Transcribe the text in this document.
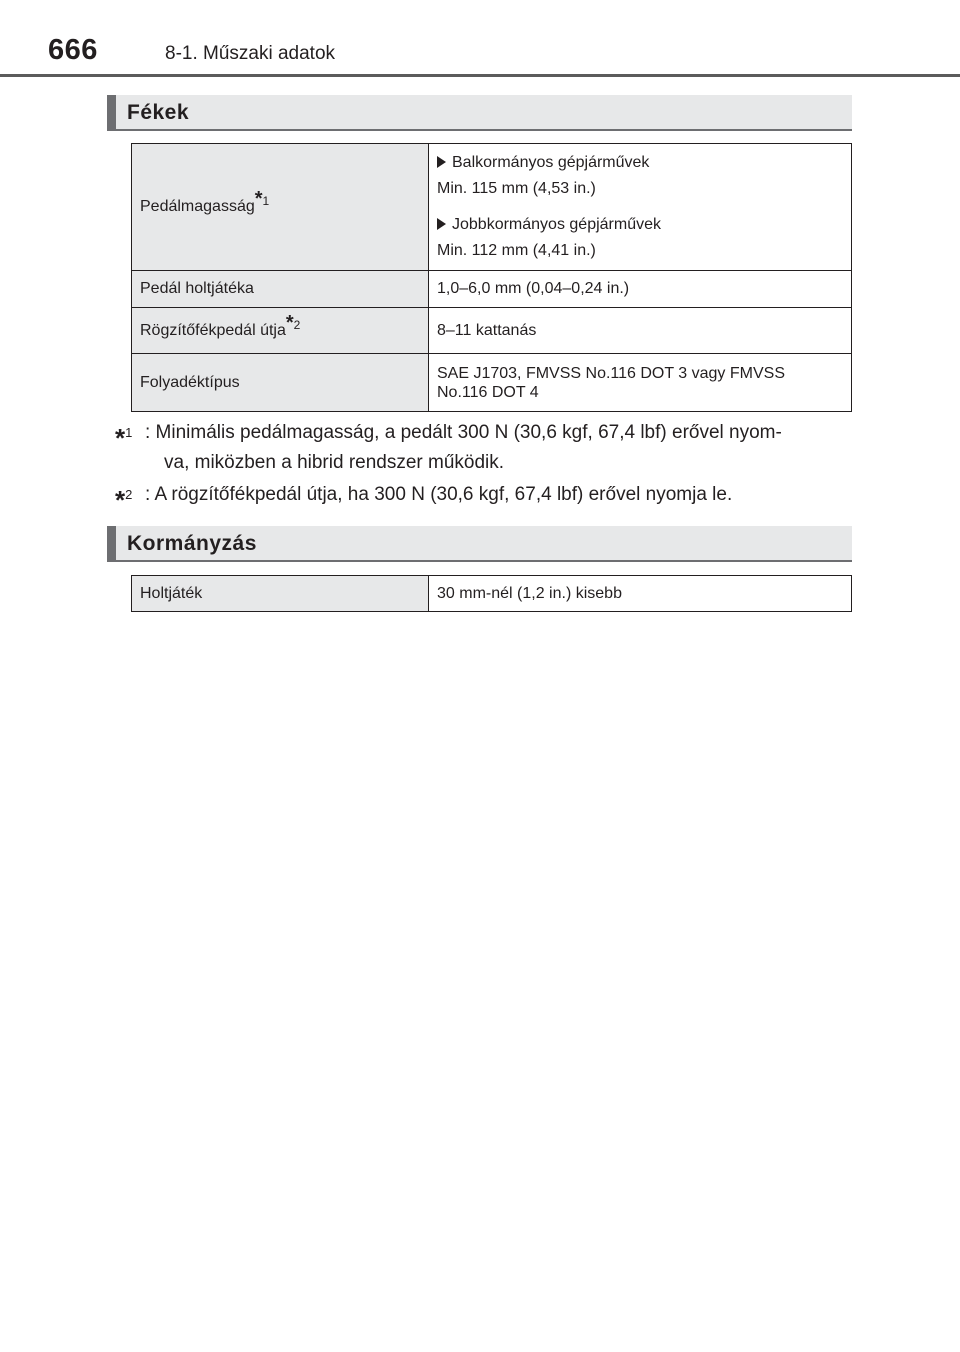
666	8-1. Műszaki adatok
Fékek
Pedálmagasság*$^1$	Balkormányos gépjárművek
Min. 115 mm (4,53 in.)
Jobbkormányos gépjárművek
Min. 112 mm (4,41 in.)

Pedál holtjátéka	1,0–6,0 mm (0,04–0,24 in.)
Rögzítőfékpedál útja*$^2$	8–11 kattanás
Folyadéktípus	SAE J1703, FMVSS No.116 DOT 3 vagy FMVSS
No.116 DOT 4
*$^1$ : Minimális pedálmagasság, a pedált 300 N (30,6 kgf, 67,4 lbf) erővel nyom-
va, miközben a hibrid rendszer működik.
*$^2$ : A rögzítőfékpedál útja, ha 300 N (30,6 kgf, 67,4 lbf) erővel nyomja le.
Kormányzás
Holtjáték	30 mm-nél (1,2 in.) kisebb
